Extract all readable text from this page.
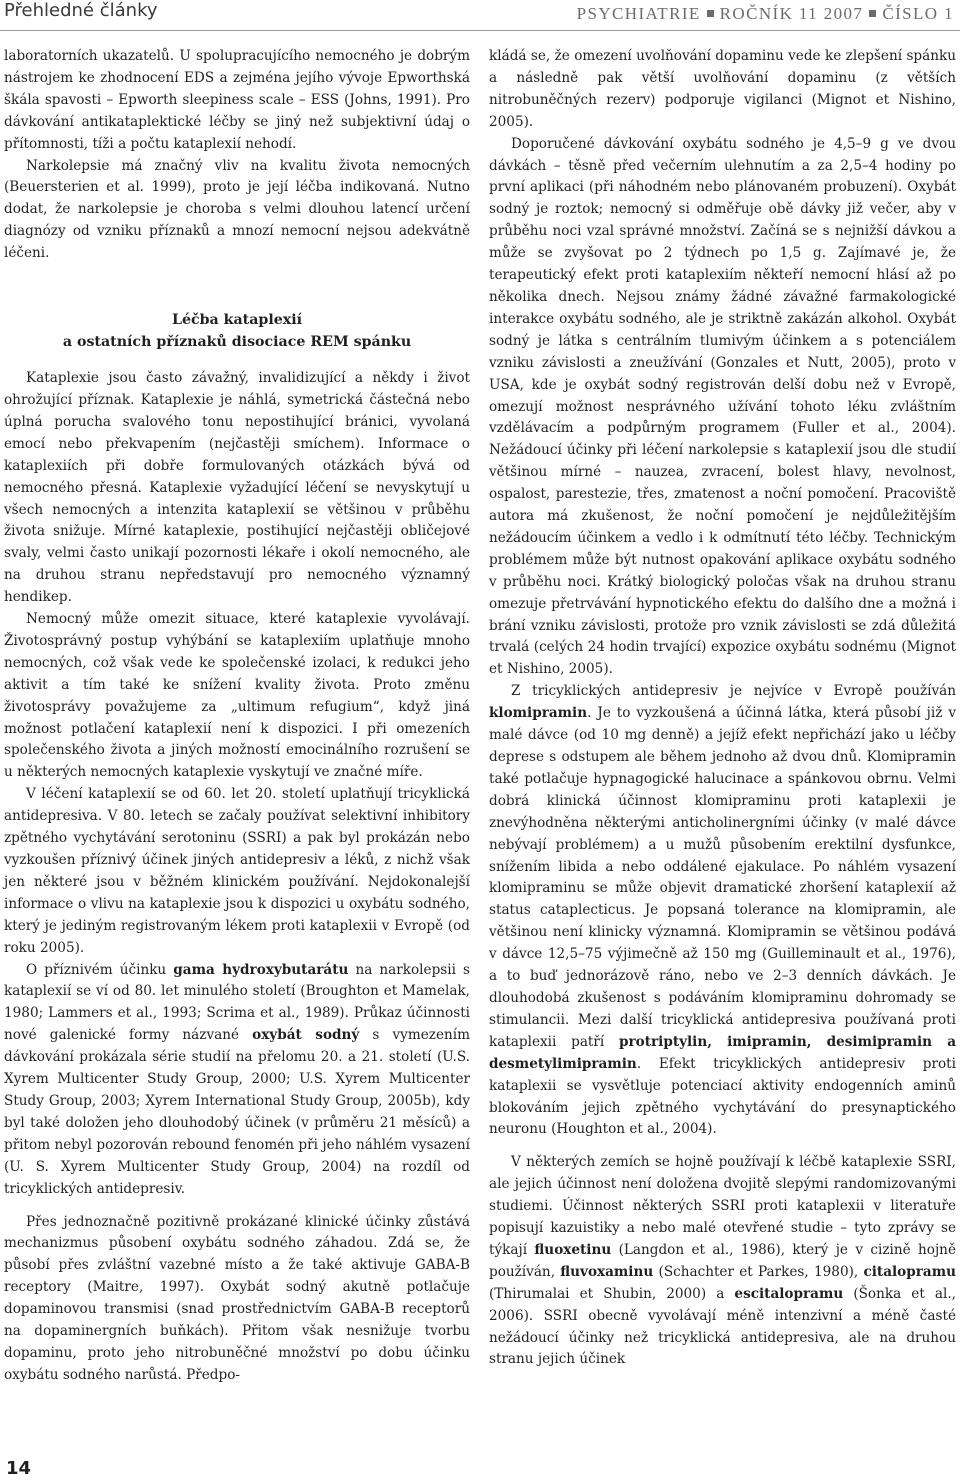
Přehledné články	PSYCHIATRIE ROČNÍK 11 2007 ČÍSLO 1

laboratorních ukazatelů. U spolupracujícího nemocného je dobrým nástrojem ke zhodnocení EDS a zejména jejího vývoje Epworthská škála spavosti – Epworth sleepiness scale – ESS (Johns, 1991). Pro dávkování antikataplektické léčby se jiný než subjektivní údaj o přítomnosti, tíži a počtu kataplexií nehodí.

Narkolepsie má značný vliv na kvalitu života nemocných (Beuersterien et al. 1999), proto je její léčba indikovaná. Nutno dodat, že narkolepsie je choroba s velmi dlouhou latencí určení diagnózy od vzniku příznaků a mnozí nemocní nejsou adekvátně léčeni.

Léčba kataplexií
a ostatních příznaků disociace REM spánku

Kataplexie jsou často závažný, invalidizující a někdy i život ohrožující příznak. Kataplexie je náhlá, symetrická částečná nebo úplná porucha svalového tonu nepostihující bránici, vyvolaná emocí nebo překvapením (nejčastěji smíchem). Informace o kataplexiích při dobře formulovaných otázkách bývá od nemocného přesná. Kataplexie vyžadující léčení se nevyskytují u všech nemocných a intenzita kataplexií se většinou v průběhu života snižuje. Mírné kataplexie, postihující nejčastěji obličejové svaly, velmi často unikají pozornosti lékaře i okolí nemocného, ale na druhou stranu nepředstavují pro nemocného významný hendikep.

Nemocný může omezit situace, které kataplexie vyvolávají. Životosprávný postup vyhýbání se kataplexiím uplatňuje mnoho nemocných, což však vede ke společenské izolaci, k redukci jeho aktivit a tím také ke snížení kvality života. Proto změnu životosprávy považujeme za „ultimum refugium“, když jiná možnost potlačení kataplexií není k dispozici. I při omezeních společenského života a jiných možností emocinálního rozrušení se u některých nemocných kataplexie vyskytují ve značné míře.

V léčení kataplexií se od 60. let 20. století uplatňují tricyklická antidepresiva. V 80. letech se začaly používat selektivní inhibitory zpětného vychytávání serotoninu (SSRI) a pak byl prokázán nebo vyzkoušen příznivý účinek jiných antidepresiv a léků, z nichž však jen některé jsou v běžném klinickém používání. Nejdokonalejší informace o vlivu na kataplexie jsou k dispozici u oxybátu sodného, který je jediným registrovaným lékem proti kataplexii v Evropě (od roku 2005).

O příznivém účinku gama hydroxybutarátu na narkolepsii s kataplexií se ví od 80. let minulého století (Broughton et Mamelak, 1980; Lammers et al., 1993; Scrima et al., 1989). Průkaz účinnosti nové galenické formy názvané oxybát sodný s vymezením dávkování prokázala série studií na přelomu 20. a 21. století (U.S. Xyrem Multicenter Study Group, 2000; U.S. Xyrem Multicenter Study Group, 2003; Xyrem International Study Group, 2005b), kdy byl také doložen jeho dlouhodobý účinek (v průměru 21 měsíců) a přitom nebyl pozorován rebound fenomén při jeho náhlém vysazení (U. S. Xyrem Multicenter Study Group, 2004) na rozdíl od tricyklických antidepresiv.

Přes jednoznačně pozitivně prokázané klinické účinky zůstává mechanizmus působení oxybátu sodného záhadou. Zdá se, že působí přes zvláštní vazebné místo a že také aktivuje GABA-B receptory (Maitre, 1997). Oxybát sodný akutně potlačuje dopaminovou transmisi (snad prostřednictvím GABA-B receptorů na dopaminergních buňkách). Přitom však nesnižuje tvorbu dopaminu, proto jeho nitrobuněčné množství po dobu účinku oxybátu sodného narůstá. Předpo-

kládá se, že omezení uvolňování dopaminu vede ke zlepšení spánku a následně pak větší uvolňování dopaminu (z větších nitrobuněčných rezerv) podporuje vigilanci (Mignot et Nishino, 2005).

Doporučené dávkování oxybátu sodného je 4,5–9 g ve dvou dávkách – těsně před večerním ulehnutím a za 2,5–4 hodiny po první aplikaci (při náhodném nebo plánovaném probuzení). Oxybát sodný je roztok; nemocný si odměřuje obě dávky již večer, aby v průběhu noci vzal správné množství. Začíná se s nejnižší dávkou a může se zvyšovat po 2 týdnech po 1,5 g. Zajímavé je, že terapeutický efekt proti kataplexiím někteří nemocní hlásí až po několika dnech. Nejsou známy žádné závažné farmakologické interakce oxybátu sodného, ale je striktně zakázán alkohol. Oxybát sodný je látka s centrálním tlumivým účinkem a s potenciálem vzniku závislosti a zneužívání (Gonzales et Nutt, 2005), proto v USA, kde je oxybát sodný registrován delší dobu než v Evropě, omezují možnost nesprávného užívání tohoto léku zvláštním vzdělávacím a podpůrným programem (Fuller et al., 2004). Nežádoucí účinky při léčení narkolepsie s kataplexií jsou dle studií většinou mírné – nauzea, zvracení, bolest hlavy, nevolnost, ospalost, parestezie, třes, zmatenost a noční pomočení. Pracoviště autora má zkušenost, že noční pomočení je nejdůležitějším nežádoucím účinkem a vedlo i k odmítnutí této léčby. Technickým problémem může být nutnost opakování aplikace oxybátu sodného v průběhu noci. Krátký biologický poločas však na druhou stranu omezuje přetrvávání hypnotického efektu do dalšího dne a možná i brání vzniku závislosti, protože pro vznik závislosti se zdá důležitá trvalá (celých 24 hodin trvající) expozice oxybátu sodnému (Mignot et Nishino, 2005).

Z tricyklických antidepresiv je nejvíce v Evropě používán klomipramin. Je to vyzkoušená a účinná látka, která působí již v malé dávce (od 10 mg denně) a jejíž efekt nepřichází jako u léčby deprese s odstupem ale během jednoho až dvou dnů. Klomipramin také potlačuje hypnagogické halucinace a spánkovou obrnu. Velmi dobrá klinická účinnost klomipraminu proti kataplexii je znevýhodněna některými anticholinergními účinky (v malé dávce nebývají problémem) a u mužů působením erektilní dysfunkce, snížením libida a nebo oddálené ejakulace. Po náhlém vysazení klomipraminu se může objevit dramatické zhoršení kataplexií až status cataplecticus. Je popsaná tolerance na klomipramin, ale většinou není klinicky významná. Klomipramin se většinou podává v dávce 12,5–75 výjimečně až 150 mg (Guilleminault et al., 1976), a to buď jednorázově ráno, nebo ve 2–3 denních dávkách. Je dlouhodobá zkušenost s podáváním klomipraminu dohromady se stimulancii. Mezi další tricyklická antidepresiva používaná proti kataplexii patří protriptylin, imipramin, desimipramin a desmetylimipramin. Efekt tricyklických antidepresiv proti kataplexii se vysvětluje potenciací aktivity endogenních aminů blokováním jejich zpětného vychytávání do presynaptického neuronu (Houghton et al., 2004).

V některých zemích se hojně používají k léčbě kataplexie SSRI, ale jejich účinnost není doložena dvojitě slepými randomizovanými studiemi. Účinnost některých SSRI proti kataplexii v literatuře popisují kazuistiky a nebo malé otevřené studie – tyto zprávy se týkají fluoxetinu (Langdon et al., 1986), který je v cizině hojně používán, fluvoxaminu (Schachter et Parkes, 1980), citalopramu (Thirumalai et Shubin, 2000) a escitalopramu (Šonka et al., 2006). SSRI obecně vyvolávají méně intenzivní a méně časté nežádoucí účinky než tricyklická antidepresiva, ale na druhou stranu jejich účinek

14
